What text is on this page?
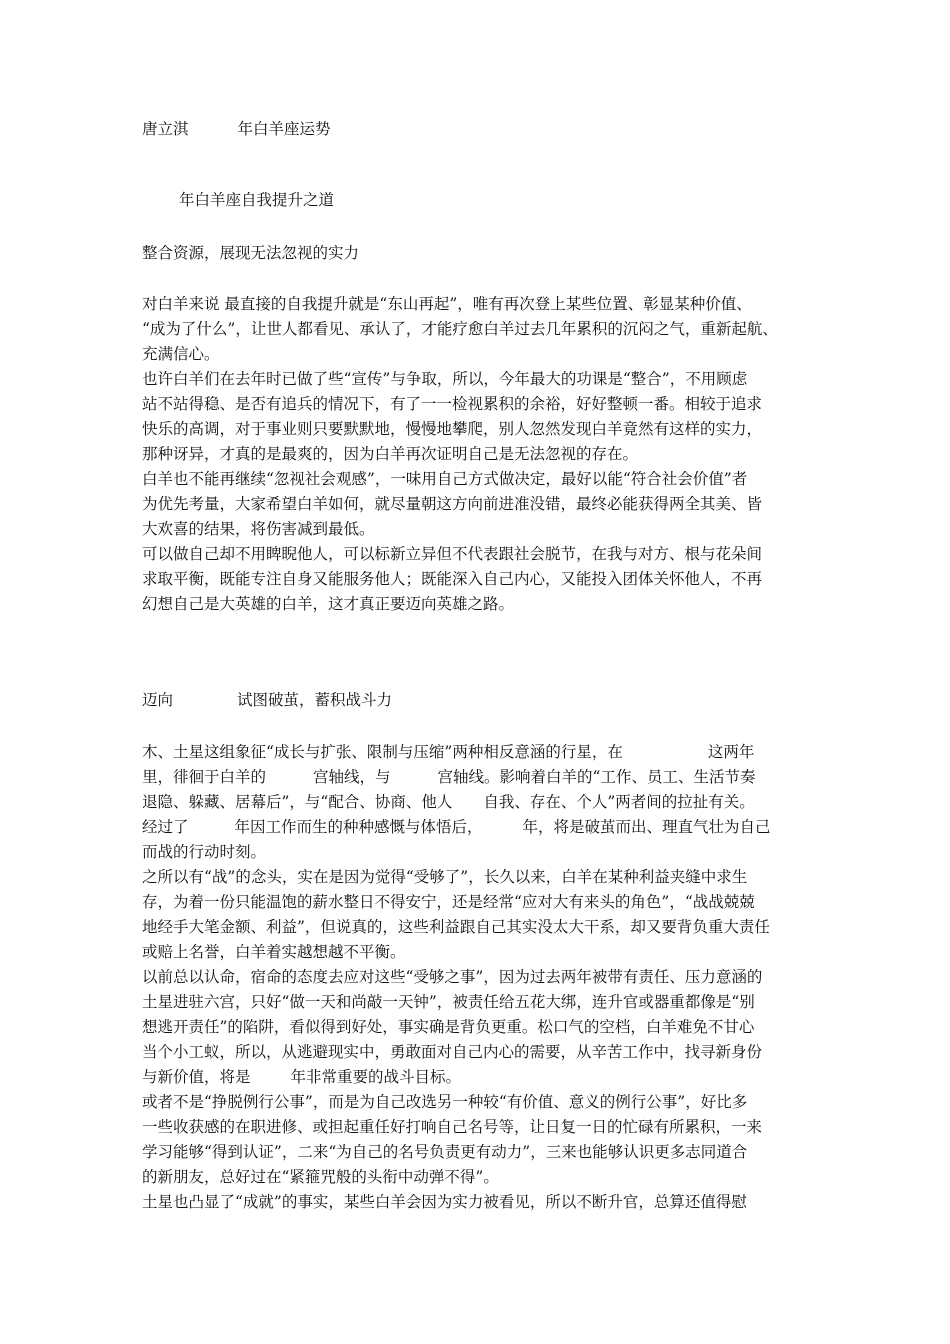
唐立淇	年白羊座运势
年白羊座自我提升之道
整合资源，展现无法忽视的实力
对白羊来说 最直接的自我提升就是“东山再起”，唯有再次登上某些位置、彰显某种价值、
“成为了什么”，让世人都看见、承认了，才能疗愈白羊过去几年累积的沉闷之气，重新起航、
充满信心。
也许白羊们在去年时已做了些“宣传”与争取，所以，今年最大的功课是“整合”，不用顾虑
站不站得稳、是否有追兵的情况下，有了一一检视累积的余裕，好好整顿一番。相较于追求
快乐的高调，对于事业则只要默默地，慢慢地攀爬，别人忽然发现白羊竟然有这样的实力，
那种讶异，才真的是最爽的，因为白羊再次证明自己是无法忽视的存在。
白羊也不能再继续“忽视社会观感”，一味用自己方式做决定，最好以能“符合社会价值”者
为优先考量，大家希望白羊如何，就尽量朝这方向前进准没错，最终必能获得两全其美、皆
大欢喜的结果，将伤害减到最低。
可以做自己却不用睥睨他人，可以标新立异但不代表跟社会脱节，在我与对方、根与花朵间
求取平衡，既能专注自身又能服务他人；既能深入自己内心，又能投入团体关怀他人，不再
幻想自己是大英雄的白羊，这才真正要迈向英雄之路。
迈向	试图破茧，蓄积战斗力
木、土星这组象征“成长与扩张、限制与压缩”两种相反意涵的行星，在	这两年
里，徘徊于白羊的	宫轴线，与	宫轴线。影响着白羊的“工作、员工、生活节奏
退隐、躲藏、居幕后”，与“配合、协商、他人 自我、存在、个人”两者间的拉扯有关。
经过了	年因工作而生的种种感慨与体悟后，	年，将是破茧而出、理直气壮为自己
而战的行动时刻。
之所以有“战”的念头，实在是因为觉得“受够了”，长久以来，白羊在某种利益夹缝中求生
存，为着一份只能温饱的薪水整日不得安宁，还是经常“应对大有来头的角色”，“战战兢兢
地经手大笔金额、利益”，但说真的，这些利益跟自己其实没太大干系，却又要背负重大责任
或赔上名誉，白羊着实越想越不平衡。
以前总以认命，宿命的态度去应对这些“受够之事”，因为过去两年被带有责任、压力意涵的
土星进驻六宫，只好“做一天和尚敲一天钟”，被责任给五花大绑，连升官或器重都像是“别
想逃开责任”的陷阱，看似得到好处，事实确是背负更重。松口气的空档，白羊难免不甘心
当个小工蚁，所以，从逃避现实中，勇敢面对自己内心的需要，从辛苦工作中，找寻新身份
与新价值，将是	年非常重要的战斗目标。
或者不是“挣脱例行公事”，而是为自己改选另一种较“有价值、意义的例行公事”，好比多
一些收获感的在职进修、或担起重任好打响自己名号等，让日复一日的忙碌有所累积，一来
学习能够“得到认证”，二来“为自己的名号负责更有动力”，三来也能够认识更多志同道合
的新朋友，总好过在“紧箍咒般的头衔中动弹不得”。
土星也凸显了“成就”的事实，某些白羊会因为实力被看见，所以不断升官，总算还值得慰
